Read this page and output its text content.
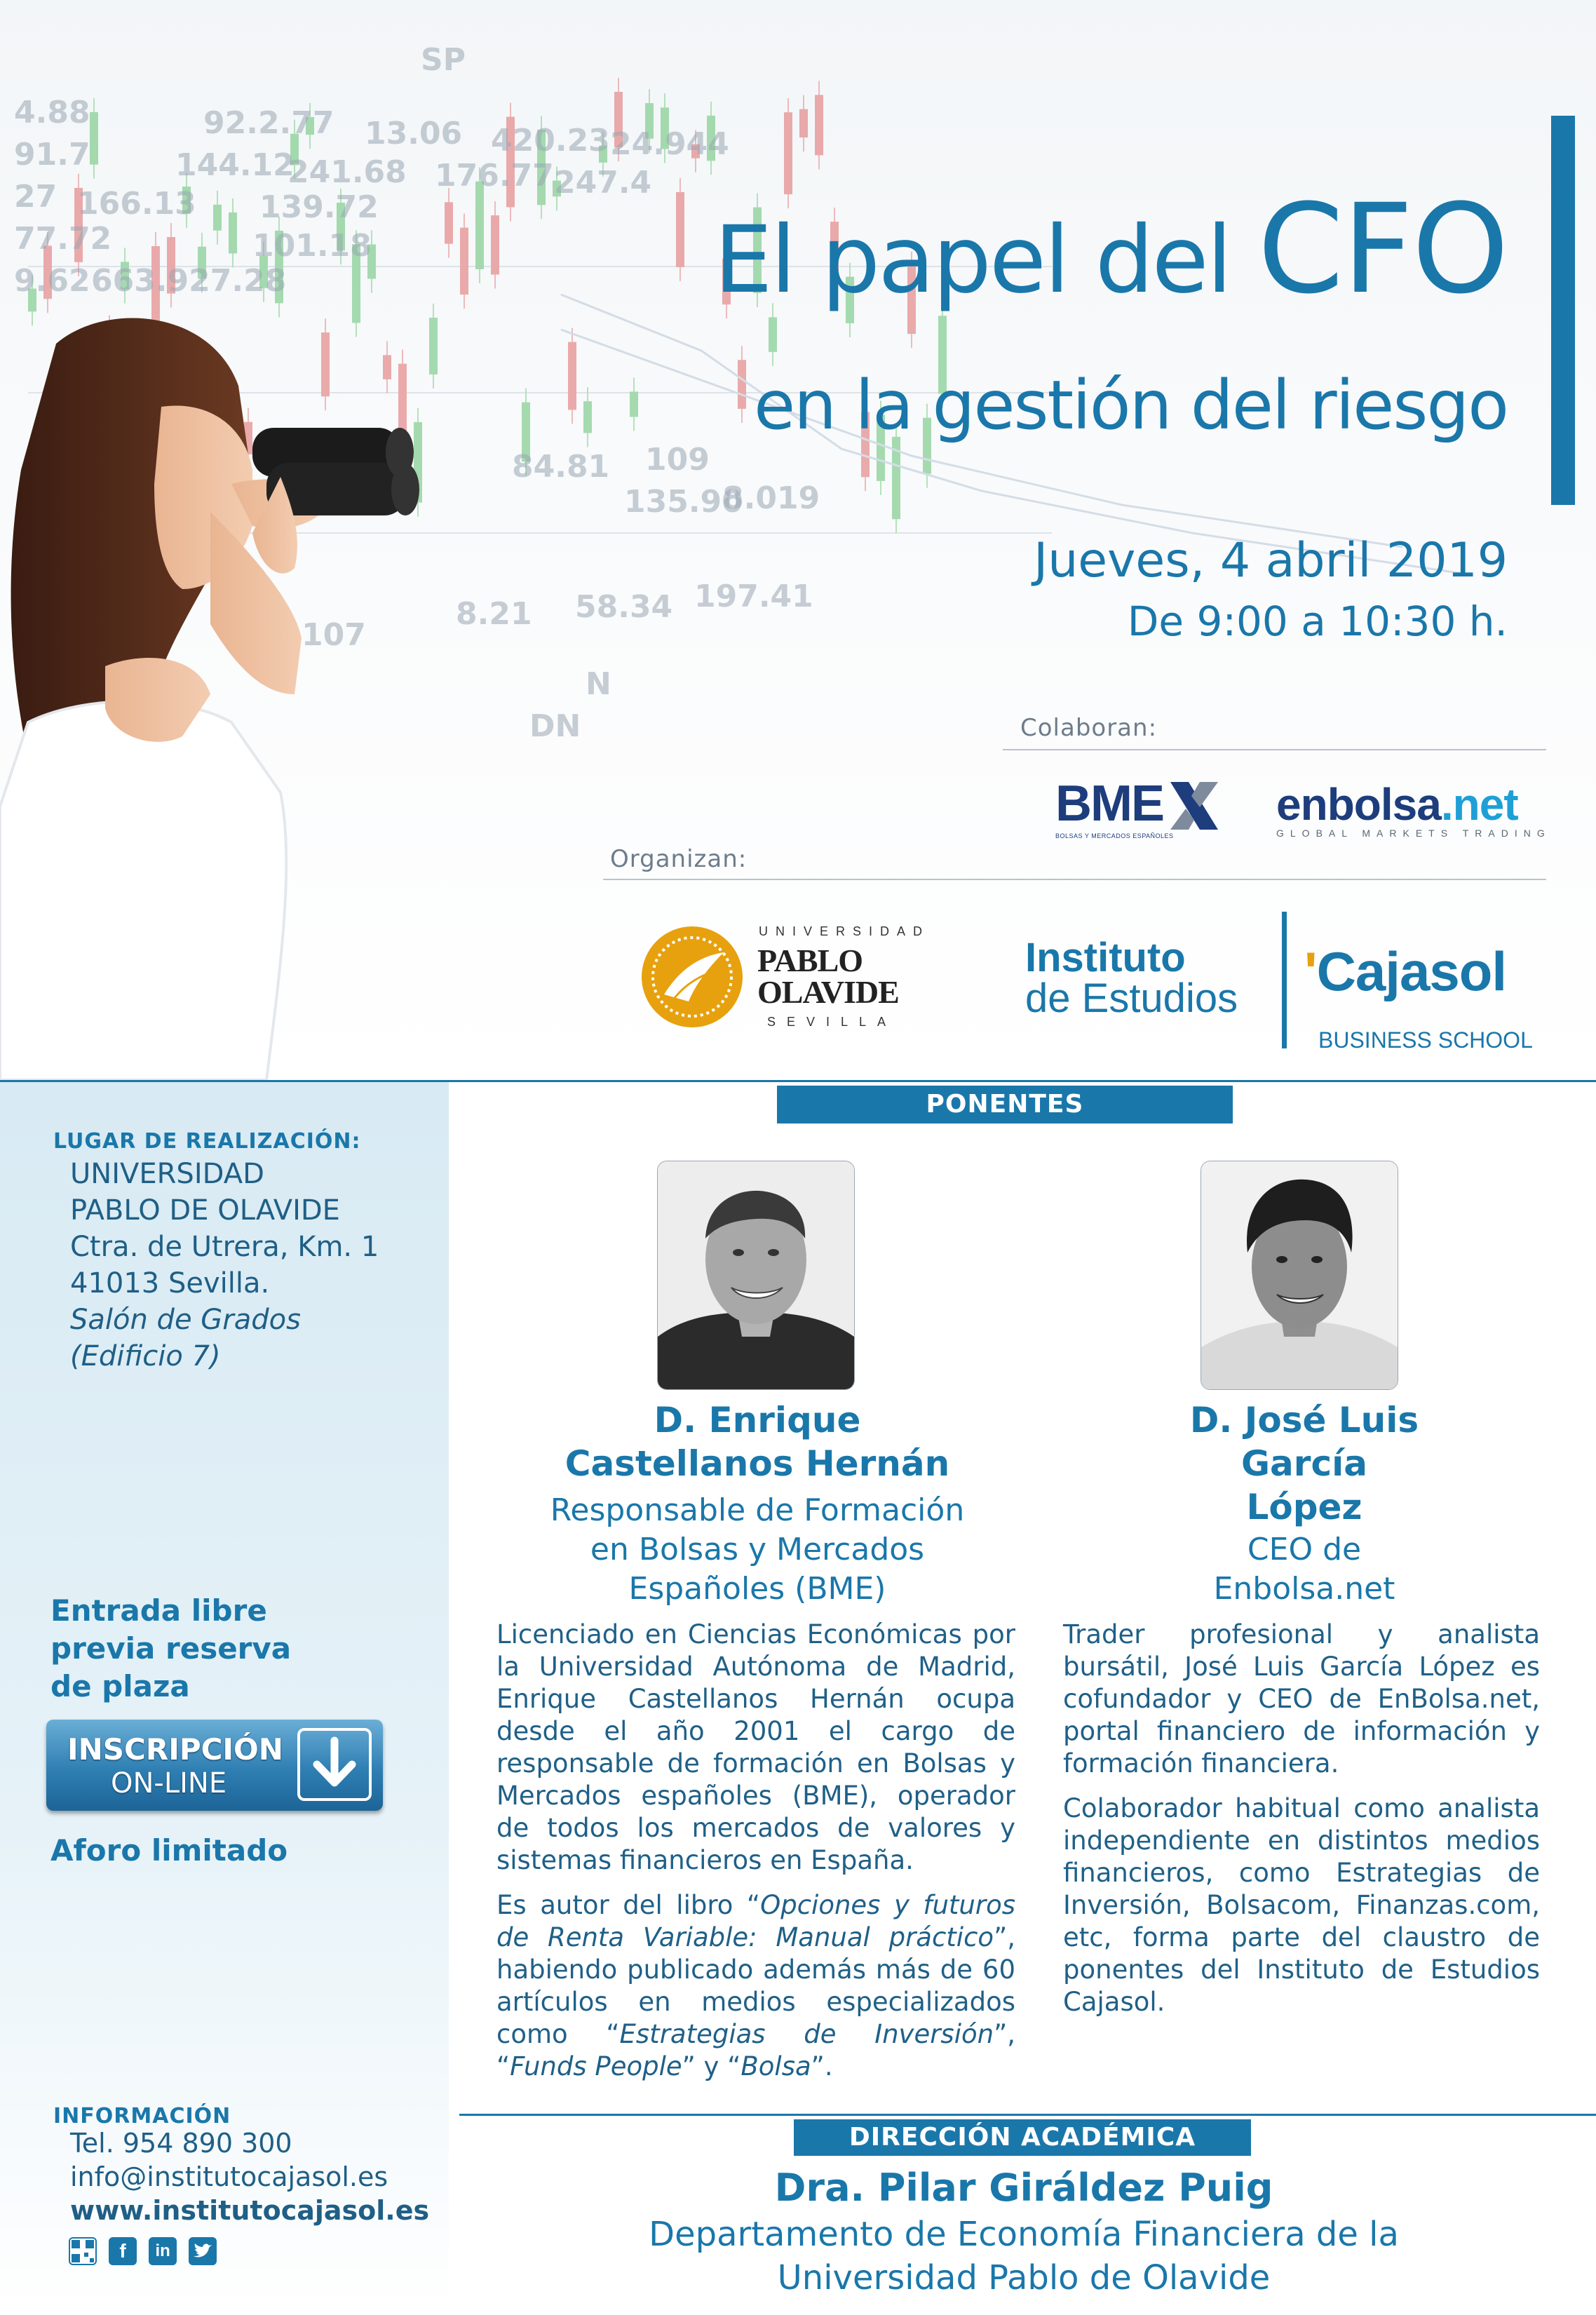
4.88
91.7	144.12
241.68
27 166.13 139.72
77.72	101.18
9.62 663.927.28
92.2.77 13.06 420.23 24.944
176.77 247.4
84.81 109
135.90
8.019
8.21 58.34 197.41
107
DN
N
SP
El papel del CFO
en la gestión del riesgo
Jueves, 4 abril 2019
De 9:00 a 10:30 h.
Colaboran:
BME
BOLSAS Y MERCADOS ESPAÑOLES
enbolsa.net
GLOBAL MARKETS TRADING
Organizan:
UNIVERSIDAD
PABLO
OLAVIDE
SEVILLA
Instituto
de Estudios 'Cajasol
BUSINESS SCHOOL
PONENTES
LUGAR DE REALIZACIÓN:
UNIVERSIDAD
PABLO DE OLAVIDE
Ctra. de Utrera, Km. 1
41013 Sevilla.
Salón de Grados
(Edificio 7)
Entrada libre
previa reserva
de plaza
INSCRIPCIÓN
ON-LINE
Aforo limitado
INFORMACIÓN
Tel. 954 890 300
info@institutocajasol.es
www.institutocajasol.es
f in
D. Enrique
Castellanos Hernán
Responsable de Formación
en Bolsas y Mercados
Españoles (BME)
D. José Luis
García
López
CEO de
Enbolsa.net

Licenciado en Ciencias Económicas por la Universidad Autónoma de Madrid, Enrique Castellanos Hernán ocupa desde el año 2001 el cargo de responsable de formación en Bolsas y Mercados españoles (BME), operador de todos los mercados de valores y sistemas financieros en España.

Es autor del libro “Opciones y futuros de Renta Variable: Manual práctico”, habiendo publicado además más de 60 artículos en medios especializados como “Estrategias de Inversión”, “Funds People” y “Bolsa”.

Trader profesional y analista bursátil, José Luis García López es cofundador y CEO de EnBolsa.net, portal financiero de información y formación financiera.

Colaborador habitual como analista independiente en distintos medios financieros, como Estrategias de Inversión, Bolsacom, Finanzas.com, etc, forma parte del claustro de ponentes del Instituto de Estudios Cajasol.

DIRECCIÓN ACADÉMICA
Dra. Pilar Giráldez Puig
Departamento de Economía Financiera de la
Universidad Pablo de Olavide
